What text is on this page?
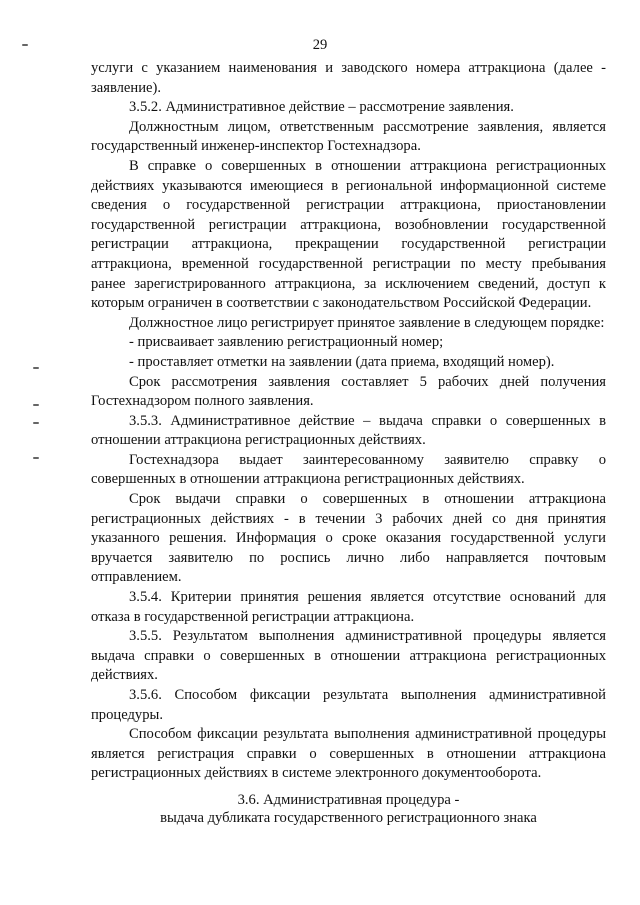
29

услуги с указанием наименования и заводского номера аттракциона (далее - заявление).

3.5.2. Административное действие – рассмотрение заявления.

Должностным лицом, ответственным рассмотрение заявления, является государственный инженер-инспектор Гостехнадзора.

В справке о совершенных в отношении аттракциона регистрационных действиях указываются имеющиеся в региональной информационной системе сведения о государственной регистрации аттракциона, приостановлении государственной регистрации аттракциона, возобновлении государственной регистрации аттракциона, прекращении государственной регистрации аттракциона, временной государственной регистрации по месту пребывания ранее зарегистрированного аттракциона, за исключением сведений, доступ к которым ограничен в соответствии с законодательством Российской Федерации.

Должностное лицо регистрирует принятое заявление в следующем порядке:

- присваивает заявлению регистрационный номер;

- проставляет отметки на заявлении (дата приема, входящий номер).

Срок рассмотрения заявления составляет 5 рабочих дней получения Гостехнадзором полного заявления.

3.5.3. Административное действие – выдача справки о совершенных в отношении аттракциона регистрационных действиях.

Гостехнадзора выдает заинтересованному заявителю справку о совершенных в отношении аттракциона регистрационных действиях.

Срок выдачи справки о совершенных в отношении аттракциона регистрационных действиях - в течении 3 рабочих дней со дня принятия указанного решения. Информация о сроке оказания государственной услуги вручается заявителю по роспись лично либо направляется почтовым отправлением.

3.5.4. Критерии принятия решения является отсутствие оснований для отказа в государственной регистрации аттракциона.

3.5.5. Результатом выполнения административной процедуры является выдача справки о совершенных в отношении аттракциона регистрационных действиях.

3.5.6. Способом фиксации результата выполнения административной процедуры.

Способом фиксации результата выполнения административной процедуры является регистрация справки о совершенных в отношении аттракциона регистрационных действиях в системе электронного документооборота.

3.6. Административная процедура -
выдача дубликата государственного регистрационного знака
